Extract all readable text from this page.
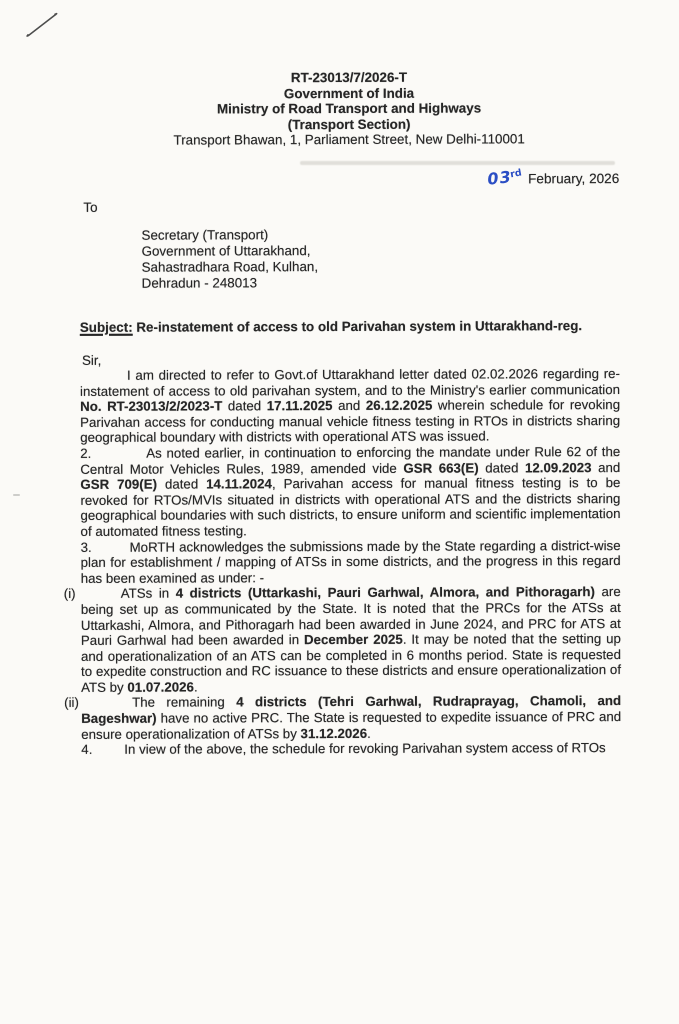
RT-23013/7/2026-T
Government of India
Ministry of Road Transport and Highways
(Transport Section)
Transport Bhawan, 1, Parliament Street, New Delhi-110001
03rd February, 2026
To
Secretary (Transport)
Government of Uttarakhand,
Sahastradhara Road, Kulhan,
Dehradun - 248013
Subject: Re-instatement of access to old Parivahan system in Uttarakhand-reg.
Sir,

I am directed to refer to Govt.of Uttarakhand letter dated 02.02.2026 regarding re-instatement of access to old parivahan system, and to the Ministry's earlier communication No. RT-23013/2/2023-T dated 17.11.2025 and 26.12.2025 wherein schedule for revoking Parivahan access for conducting manual vehicle fitness testing in RTOs in districts sharing geographical boundary with districts with operational ATS was issued.

2.	As noted earlier, in continuation to enforcing the mandate under Rule 62 of the Central Motor Vehicles Rules, 1989, amended vide GSR 663(E) dated 12.09.2023 and GSR 709(E) dated 14.11.2024, Parivahan access for manual fitness testing is to be revoked for RTOs/MVIs situated in districts with operational ATS and the districts sharing geographical boundaries with such districts, to ensure uniform and scientific implementation of automated fitness testing.

3.	MoRTH acknowledges the submissions made by the State regarding a district-wise plan for establishment / mapping of ATSs in some districts, and the progress in this regard has been examined as under: -

(i)	ATSs in 4 districts (Uttarkashi, Pauri Garhwal, Almora, and Pithoragarh) are being set up as communicated by the State. It is noted that the PRCs for the ATSs at Uttarkashi, Almora, and Pithoragarh had been awarded in June 2024, and PRC for ATS at Pauri Garhwal had been awarded in December 2025. It may be noted that the setting up and operationalization of an ATS can be completed in 6 months period. State is requested to expedite construction and RC issuance to these districts and ensure operationalization of ATS by 01.07.2026.

(ii)	The remaining 4 districts (Tehri Garhwal, Rudraprayag, Chamoli, and Bageshwar) have no active PRC. The State is requested to expedite issuance of PRC and ensure operationalization of ATSs by 31.12.2026.

4. In view of the above, the schedule for revoking Parivahan system access of RTOs
